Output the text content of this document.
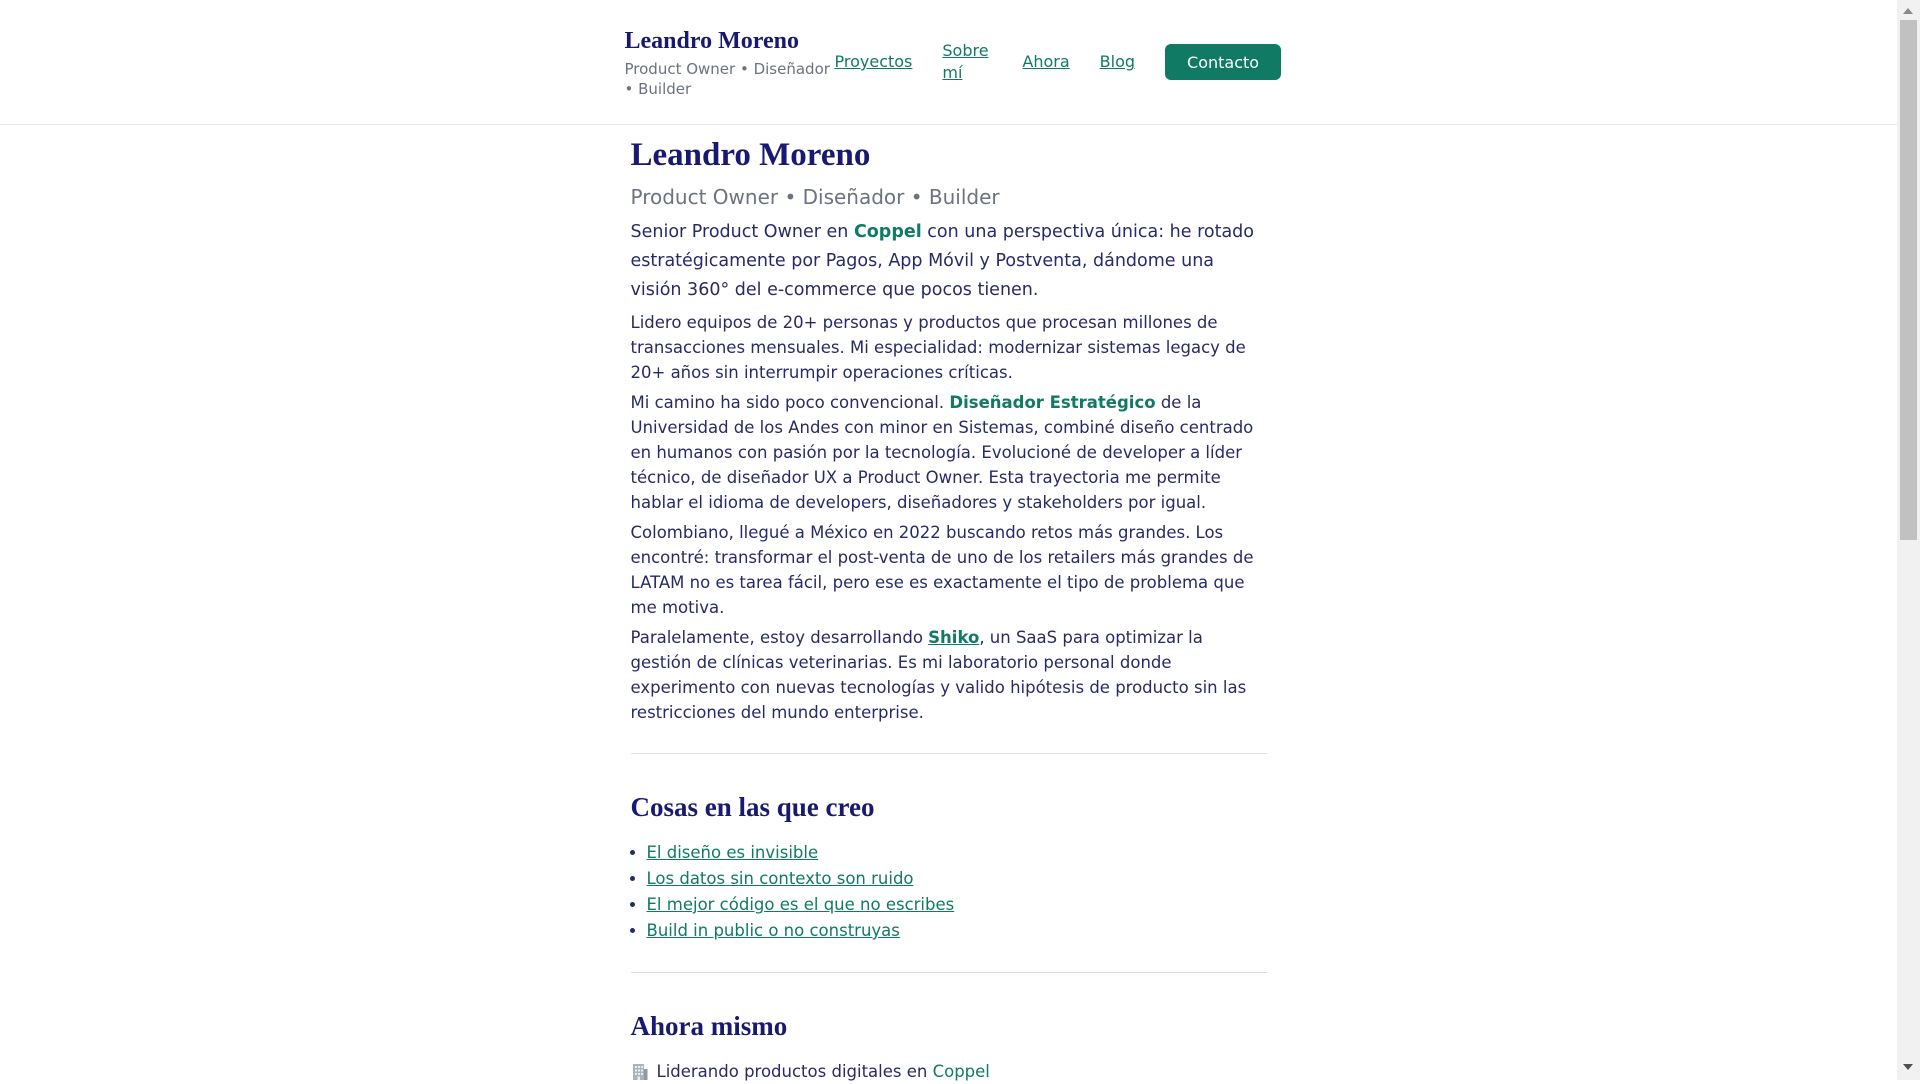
Leandro Moreno
Product Owner • Diseñador • Builder
Proyectos
Sobre mí
Ahora Blog	Contacto
Leandro Moreno
Product Owner • Diseñador • Builder

Senior Product Owner en Coppel con una perspectiva única: he rotado estratégicamente por Pagos, App Móvil y Postventa, dándome una visión 360° del e-commerce que pocos tienen.

Lidero equipos de 20+ personas y productos que procesan millones de transacciones mensuales. Mi especialidad: modernizar sistemas legacy de 20+ años sin interrumpir operaciones críticas.

Mi camino ha sido poco convencional. Diseñador Estratégico de la Universidad de los Andes con minor en Sistemas, combiné diseño centrado en humanos con pasión por la tecnología. Evolucioné de developer a líder técnico, de diseñador UX a Product Owner. Esta trayectoria me permite hablar el idioma de developers, diseñadores y stakeholders por igual.

Colombiano, llegué a México en 2022 buscando retos más grandes. Los encontré: transformar el post-venta de uno de los retailers más grandes de LATAM no es tarea fácil, pero ese es exactamente el tipo de problema que me motiva.

Paralelamente, estoy desarrollando Shiko, un SaaS para optimizar la gestión de clínicas veterinarias. Es mi laboratorio personal donde experimento con nuevas tecnologías y valido hipótesis de producto sin las restricciones del mundo enterprise.

Cosas en las que creo
• El diseño es invisible
• Los datos sin contexto son ruido
• El mejor código es el que no escribes
• Build in public o no construyas
Ahora mismo
Liderando productos digitales en Coppel
